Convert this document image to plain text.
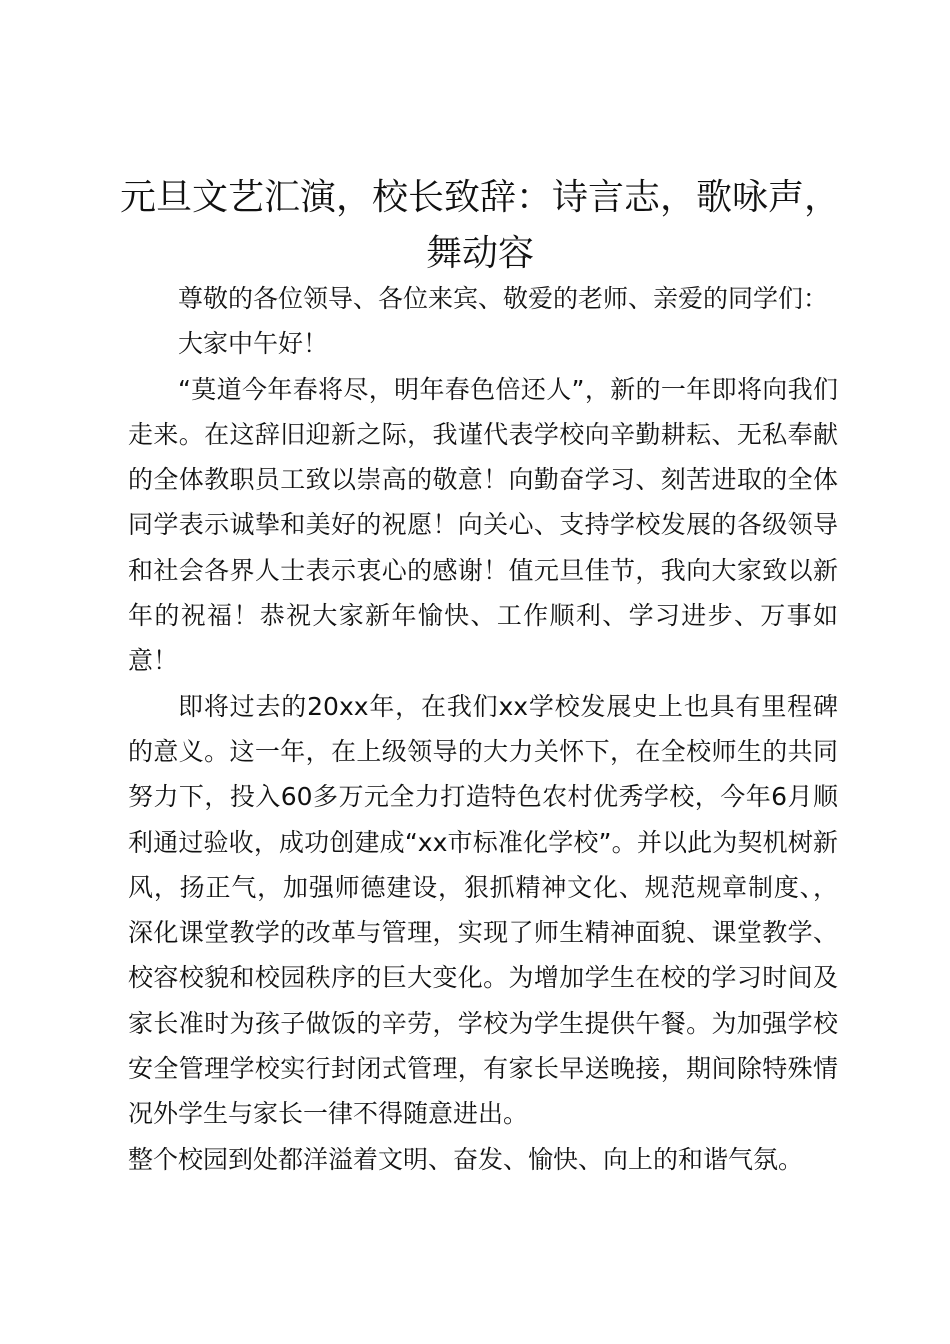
元旦文艺汇演，校长致辞：诗言志，歌咏声，舞动容

尊敬的各位领导、各位来宾、敬爱的老师、亲爱的同学们：

大家中午好！

“莫道今年春将尽，明年春色倍还人”，新的一年即将向我们走来。在这辞旧迎新之际，我谨代表学校向辛勤耕耘、无私奉献的全体教职员工致以崇高的敬意！向勤奋学习、刻苦进取的全体同学表示诚挚和美好的祝愿！向关心、支持学校发展的各级领导和社会各界人士表示衷心的感谢！值元旦佳节，我向大家致以新年的祝福！恭祝大家新年愉快、工作顺利、学习进步、万事如意！

即将过去的20xx年，在我们xx学校发展史上也具有里程碑的意义。这一年，在上级领导的大力关怀下，在全校师生的共同努力下，投入60多万元全力打造特色农村优秀学校，今年6月顺利通过验收，成功创建成“xx市标准化学校”。并以此为契机树新风，扬正气，加强师德建设，狠抓精神文化、规范规章制度、，深化课堂教学的改革与管理，实现了师生精神面貌、课堂教学、校容校貌和校园秩序的巨大变化。为增加学生在校的学习时间及家长准时为孩子做饭的辛劳，学校为学生提供午餐。为加强学校安全管理学校实行封闭式管理，有家长早送晚接，期间除特殊情况外学生与家长一律不得随意进出。

整个校园到处都洋溢着文明、奋发、愉快、向上的和谐气氛。
